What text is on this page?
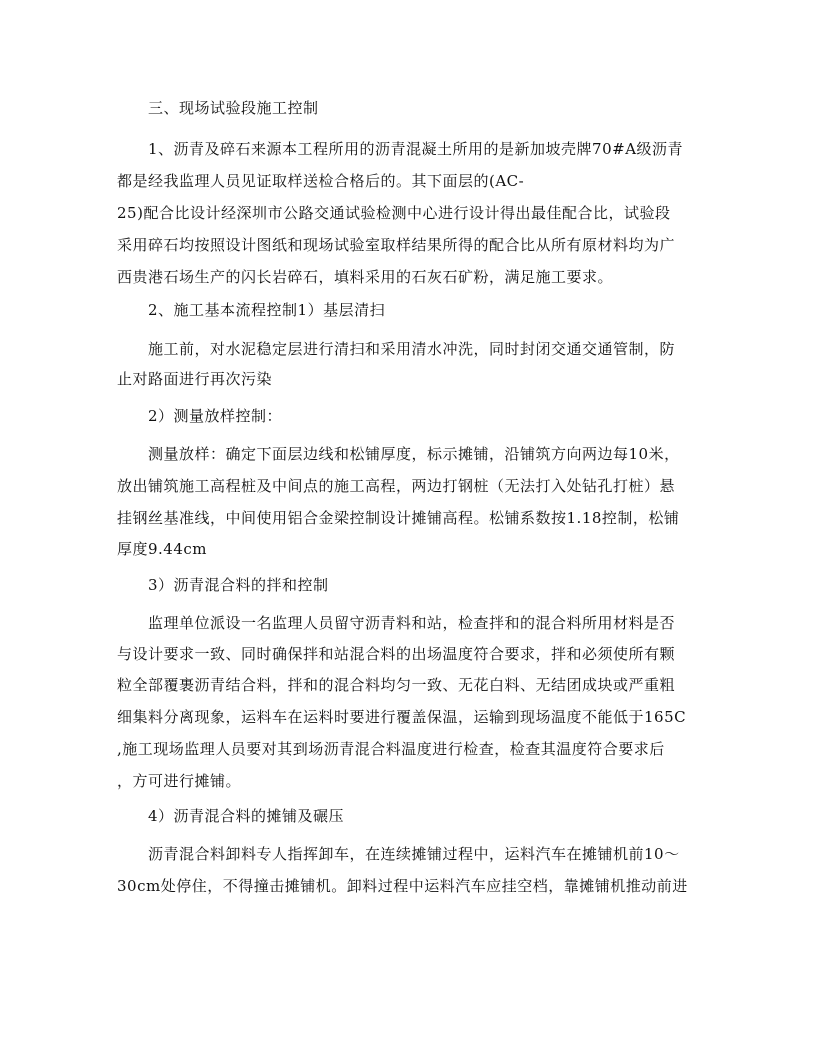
三、现场试验段施工控制
1、沥青及碎石来源本工程所用的沥青混凝土所用的是新加坡壳牌70#A级沥青
都是经我监理人员见证取样送检合格后的。其下面层的(AC-
25)配合比设计经深圳市公路交通试验检测中心进行设计得出最佳配合比，试验段
采用碎石均按照设计图纸和现场试验室取样结果所得的配合比从所有原材料均为广
西贵港石场生产的闪长岩碎石，填料采用的石灰石矿粉，满足施工要求。
2、施工基本流程控制1）基层清扫
施工前，对水泥稳定层进行清扫和采用清水冲洗，同时封闭交通交通管制，防
止对路面进行再次污染
2）测量放样控制：
测量放样：确定下面层边线和松铺厚度，标示摊铺，沿铺筑方向两边每10米，
放出铺筑施工高程桩及中间点的施工高程，两边打钢桩（无法打入处钻孔打桩）悬
挂钢丝基准线，中间使用铝合金梁控制设计摊铺高程。松铺系数按1.18控制，松铺
厚度9.44cm
3）沥青混合料的拌和控制
监理单位派设一名监理人员留守沥青料和站，检查拌和的混合料所用材料是否
与设计要求一致、同时确保拌和站混合料的出场温度符合要求，拌和必须使所有颗
粒全部覆裹沥青结合料，拌和的混合料均匀一致、无花白料、无结团成块或严重粗
细集料分离现象，运料车在运料时要进行覆盖保温，运输到现场温度不能低于165C
,施工现场监理人员要对其到场沥青混合料温度进行检查，检查其温度符合要求后
，方可进行摊铺。
4）沥青混合料的摊铺及碾压
沥青混合料卸料专人指挥卸车，在连续摊铺过程中，运料汽车在摊铺机前10～
30cm处停住，不得撞击摊铺机。卸料过程中运料汽车应挂空档，靠摊铺机推动前进
